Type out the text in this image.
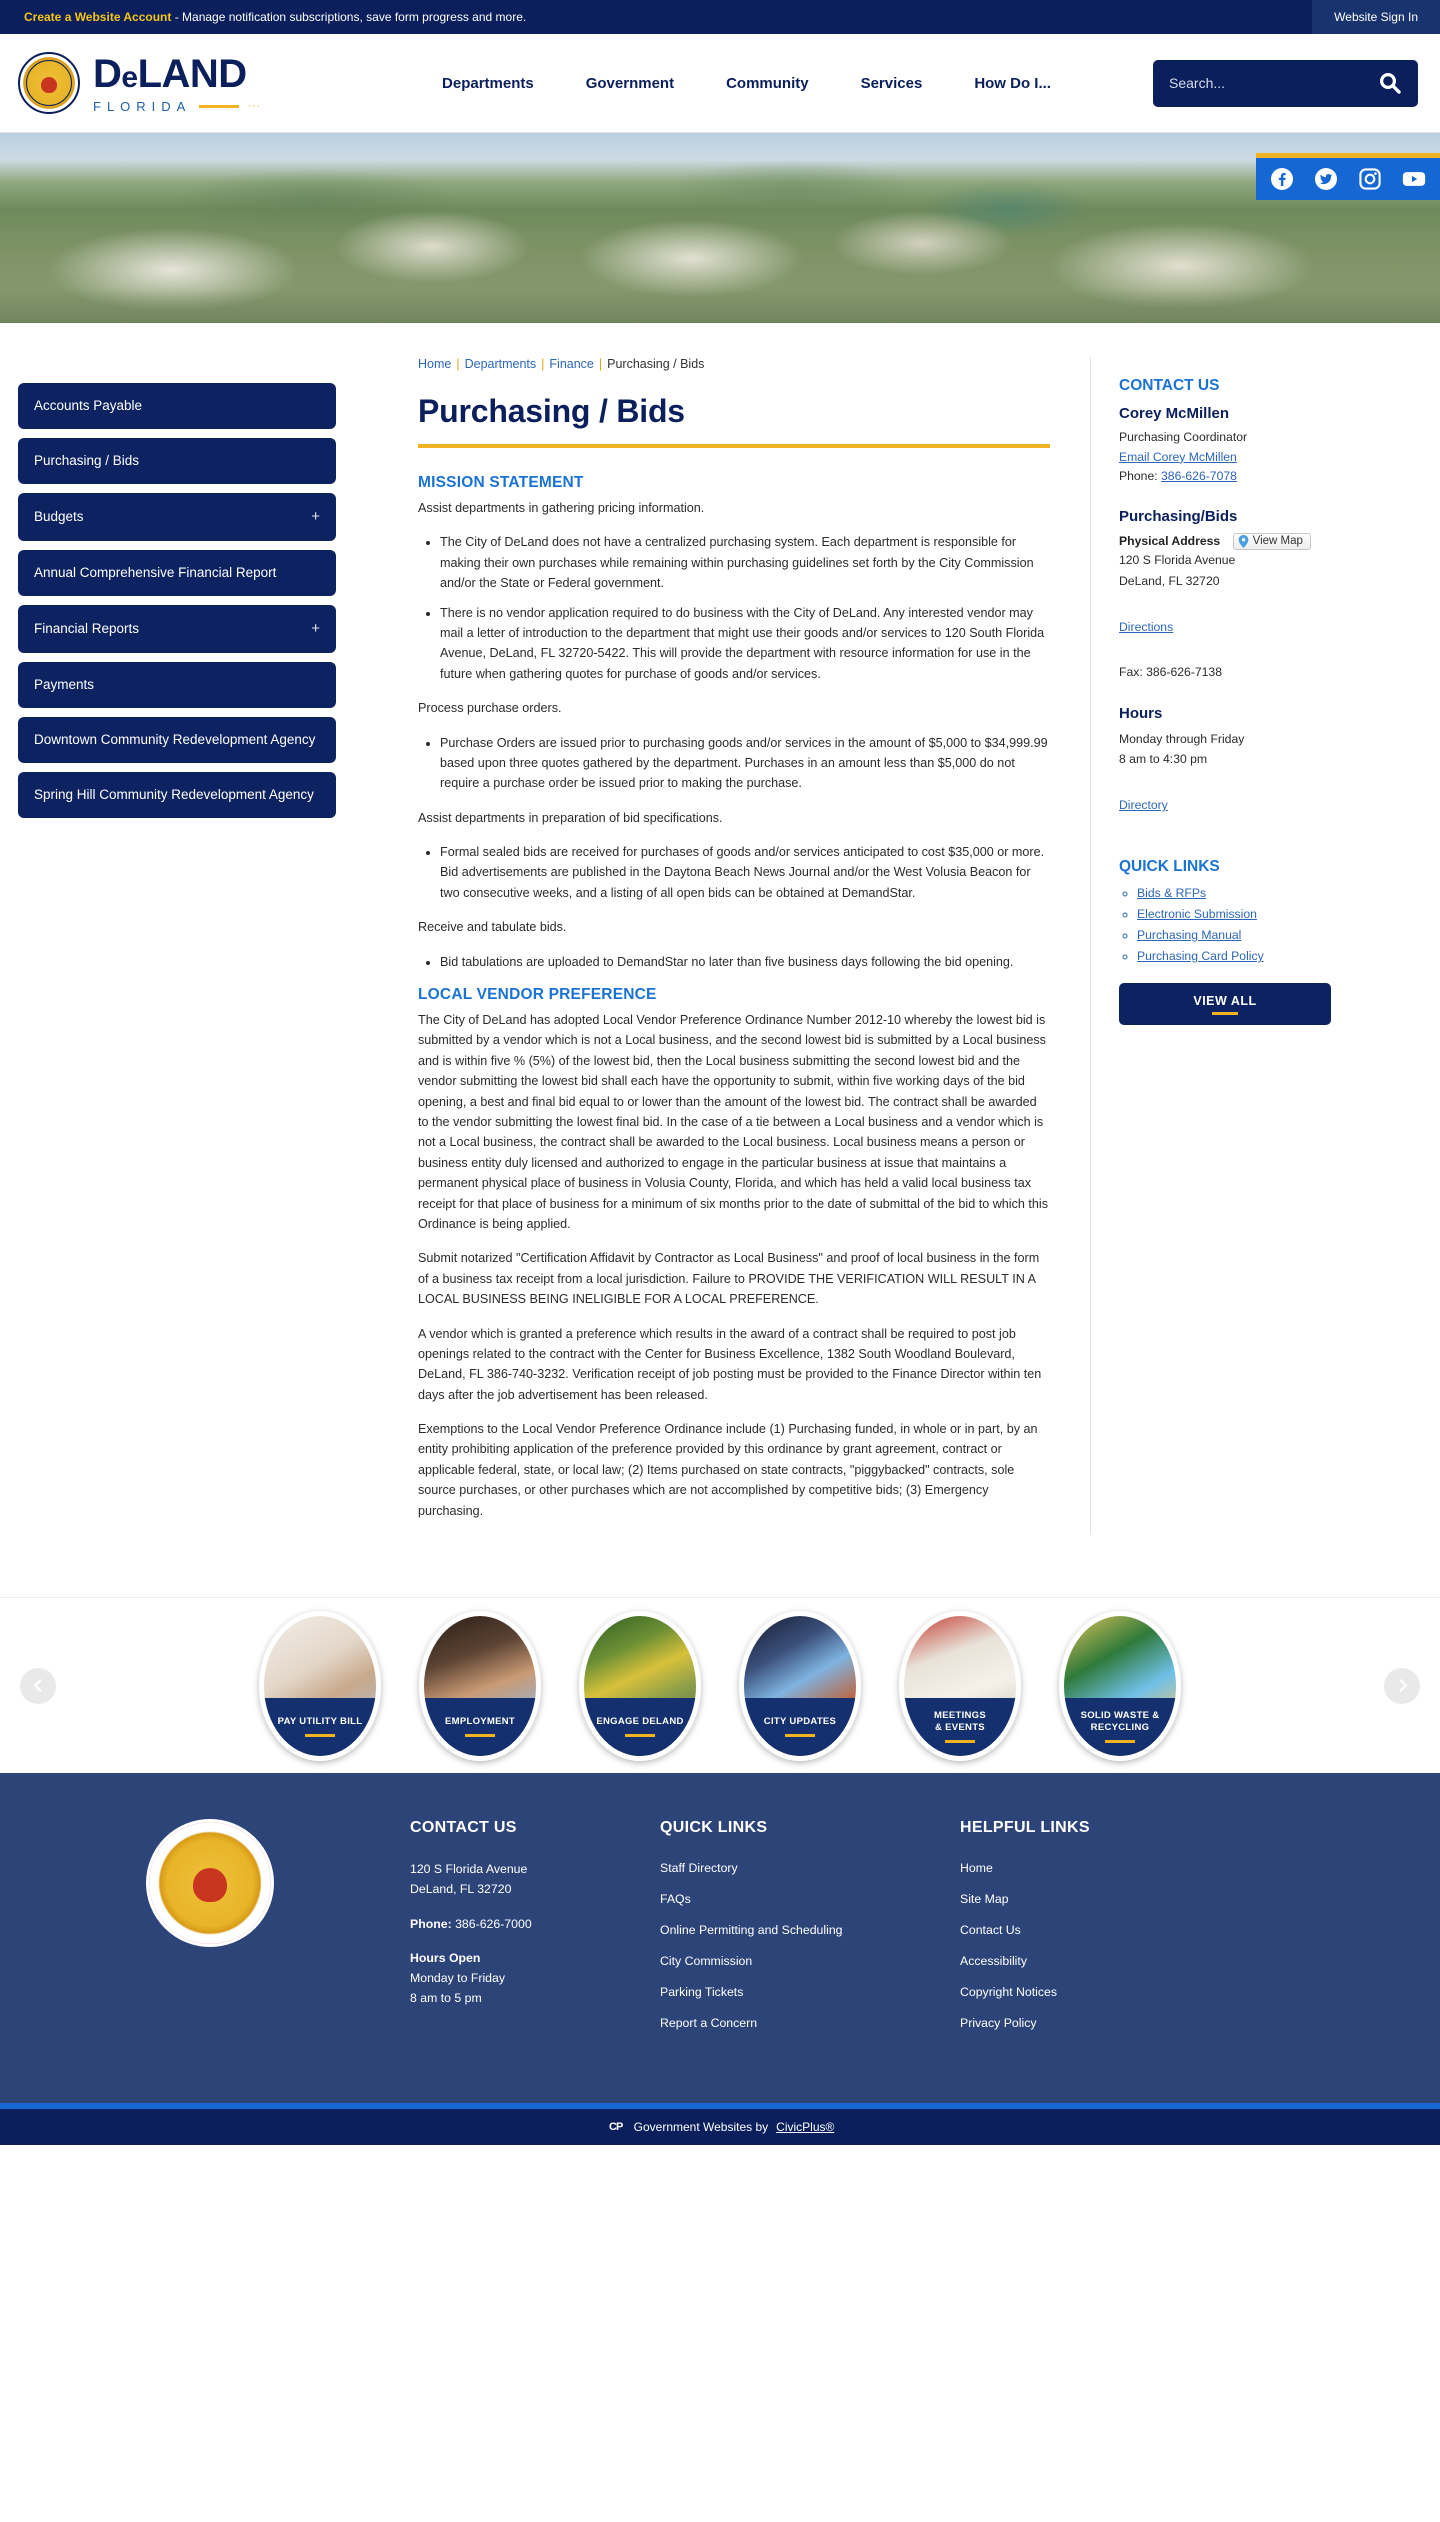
Create a Website Account - Manage notification subscriptions, save form progress and more.	Website Sign In
DeLAND
FLORIDA	···
Departments	Government	Community	Services	How Do I...
Search...
Accounts Payable
Purchasing / Bids
Budgets	+
Annual Comprehensive Financial Report
Financial Reports	+
Payments
Downtown Community Redevelopment Agency
Spring Hill Community Redevelopment Agency
Home | Departments | Finance | Purchasing / Bids
Purchasing / Bids
MISSION STATEMENT

Assist departments in gathering pricing information.

• The City of DeLand does not have a centralized purchasing system. Each department is responsible for making their own purchases while remaining within purchasing guidelines set forth by the City Commission and/or the State or Federal government.
• There is no vendor application required to do business with the City of DeLand. Any interested vendor may mail a letter of introduction to the department that might use their goods and/or services to 120 South Florida Avenue, DeLand, FL 32720-5422. This will provide the department with resource information for use in the future when gathering quotes for purchase of goods and/or services.

Process purchase orders.

• Purchase Orders are issued prior to purchasing goods and/or services in the amount of $5,000 to $34,999.99 based upon three quotes gathered by the department. Purchases in an amount less than $5,000 do not require a purchase order be issued prior to making the purchase.

Assist departments in preparation of bid specifications.

• Formal sealed bids are received for purchases of goods and/or services anticipated to cost $35,000 or more. Bid advertisements are published in the Daytona Beach News Journal and/or the West Volusia Beacon for two consecutive weeks, and a listing of all open bids can be obtained at DemandStar.

Receive and tabulate bids.

• Bid tabulations are uploaded to DemandStar no later than five business days following the bid opening.
LOCAL VENDOR PREFERENCE

The City of DeLand has adopted Local Vendor Preference Ordinance Number 2012-10 whereby the lowest bid is submitted by a vendor which is not a Local business, and the second lowest bid is submitted by a Local business and is within five % (5%) of the lowest bid, then the Local business submitting the second lowest bid and the vendor submitting the lowest bid shall each have the opportunity to submit, within five working days of the bid opening, a best and final bid equal to or lower than the amount of the lowest bid. The contract shall be awarded to the vendor submitting the lowest final bid. In the case of a tie between a Local business and a vendor which is not a Local business, the contract shall be awarded to the Local business. Local business means a person or business entity duly licensed and authorized to engage in the particular business at issue that maintains a permanent physical place of business in Volusia County, Florida, and which has held a valid local business tax receipt for that place of business for a minimum of six months prior to the date of submittal of the bid to which this Ordinance is being applied.

Submit notarized "Certification Affidavit by Contractor as Local Business" and proof of local business in the form of a business tax receipt from a local jurisdiction. Failure to PROVIDE THE VERIFICATION WILL RESULT IN A LOCAL BUSINESS BEING INELIGIBLE FOR A LOCAL PREFERENCE.

A vendor which is granted a preference which results in the award of a contract shall be required to post job openings related to the contract with the Center for Business Excellence, 1382 South Woodland Boulevard, DeLand, FL 386-740-3232. Verification receipt of job posting must be provided to the Finance Director within ten days after the job advertisement has been released.

Exemptions to the Local Vendor Preference Ordinance include (1) Purchasing funded, in whole or in part, by an entity prohibiting application of the preference provided by this ordinance by grant agreement, contract or applicable federal, state, or local law; (2) Items purchased on state contracts, "piggybacked" contracts, sole source purchases, or other purchases which are not accomplished by competitive bids; (3) Emergency purchasing.

CONTACT US
Corey McMillen
Purchasing Coordinator
Email Corey McMillen
Phone: 386-626-7078
Purchasing/Bids
Physical Address	View Map
120 S Florida Avenue
DeLand, FL 32720
Directions
Fax: 386-626-7138
Hours
Monday through Friday
8 am to 4:30 pm
Directory
QUICK LINKS
◦ Bids & RFPs
◦ Electronic Submission
◦ Purchasing Manual
◦ Purchasing Card Policy
VIEW ALL
PAY UTILITY BILL	EMPLOYMENT	ENGAGE DELAND	CITY UPDATES
MEETINGS
& EVENTS
SOLID WASTE &
RECYCLING
CONTACT US
120 S Florida Avenue
DeLand, FL 32720
Phone: 386-626-7000
Hours Open
Monday to Friday
8 am to 5 pm
QUICK LINKS
Staff Directory
FAQs
Online Permitting and Scheduling
City Commission
Parking Tickets
Report a Concern
HELPFUL LINKS
Home
Site Map
Contact Us
Accessibility
Copyright Notices
Privacy Policy
CP Government Websites by CivicPlus®
